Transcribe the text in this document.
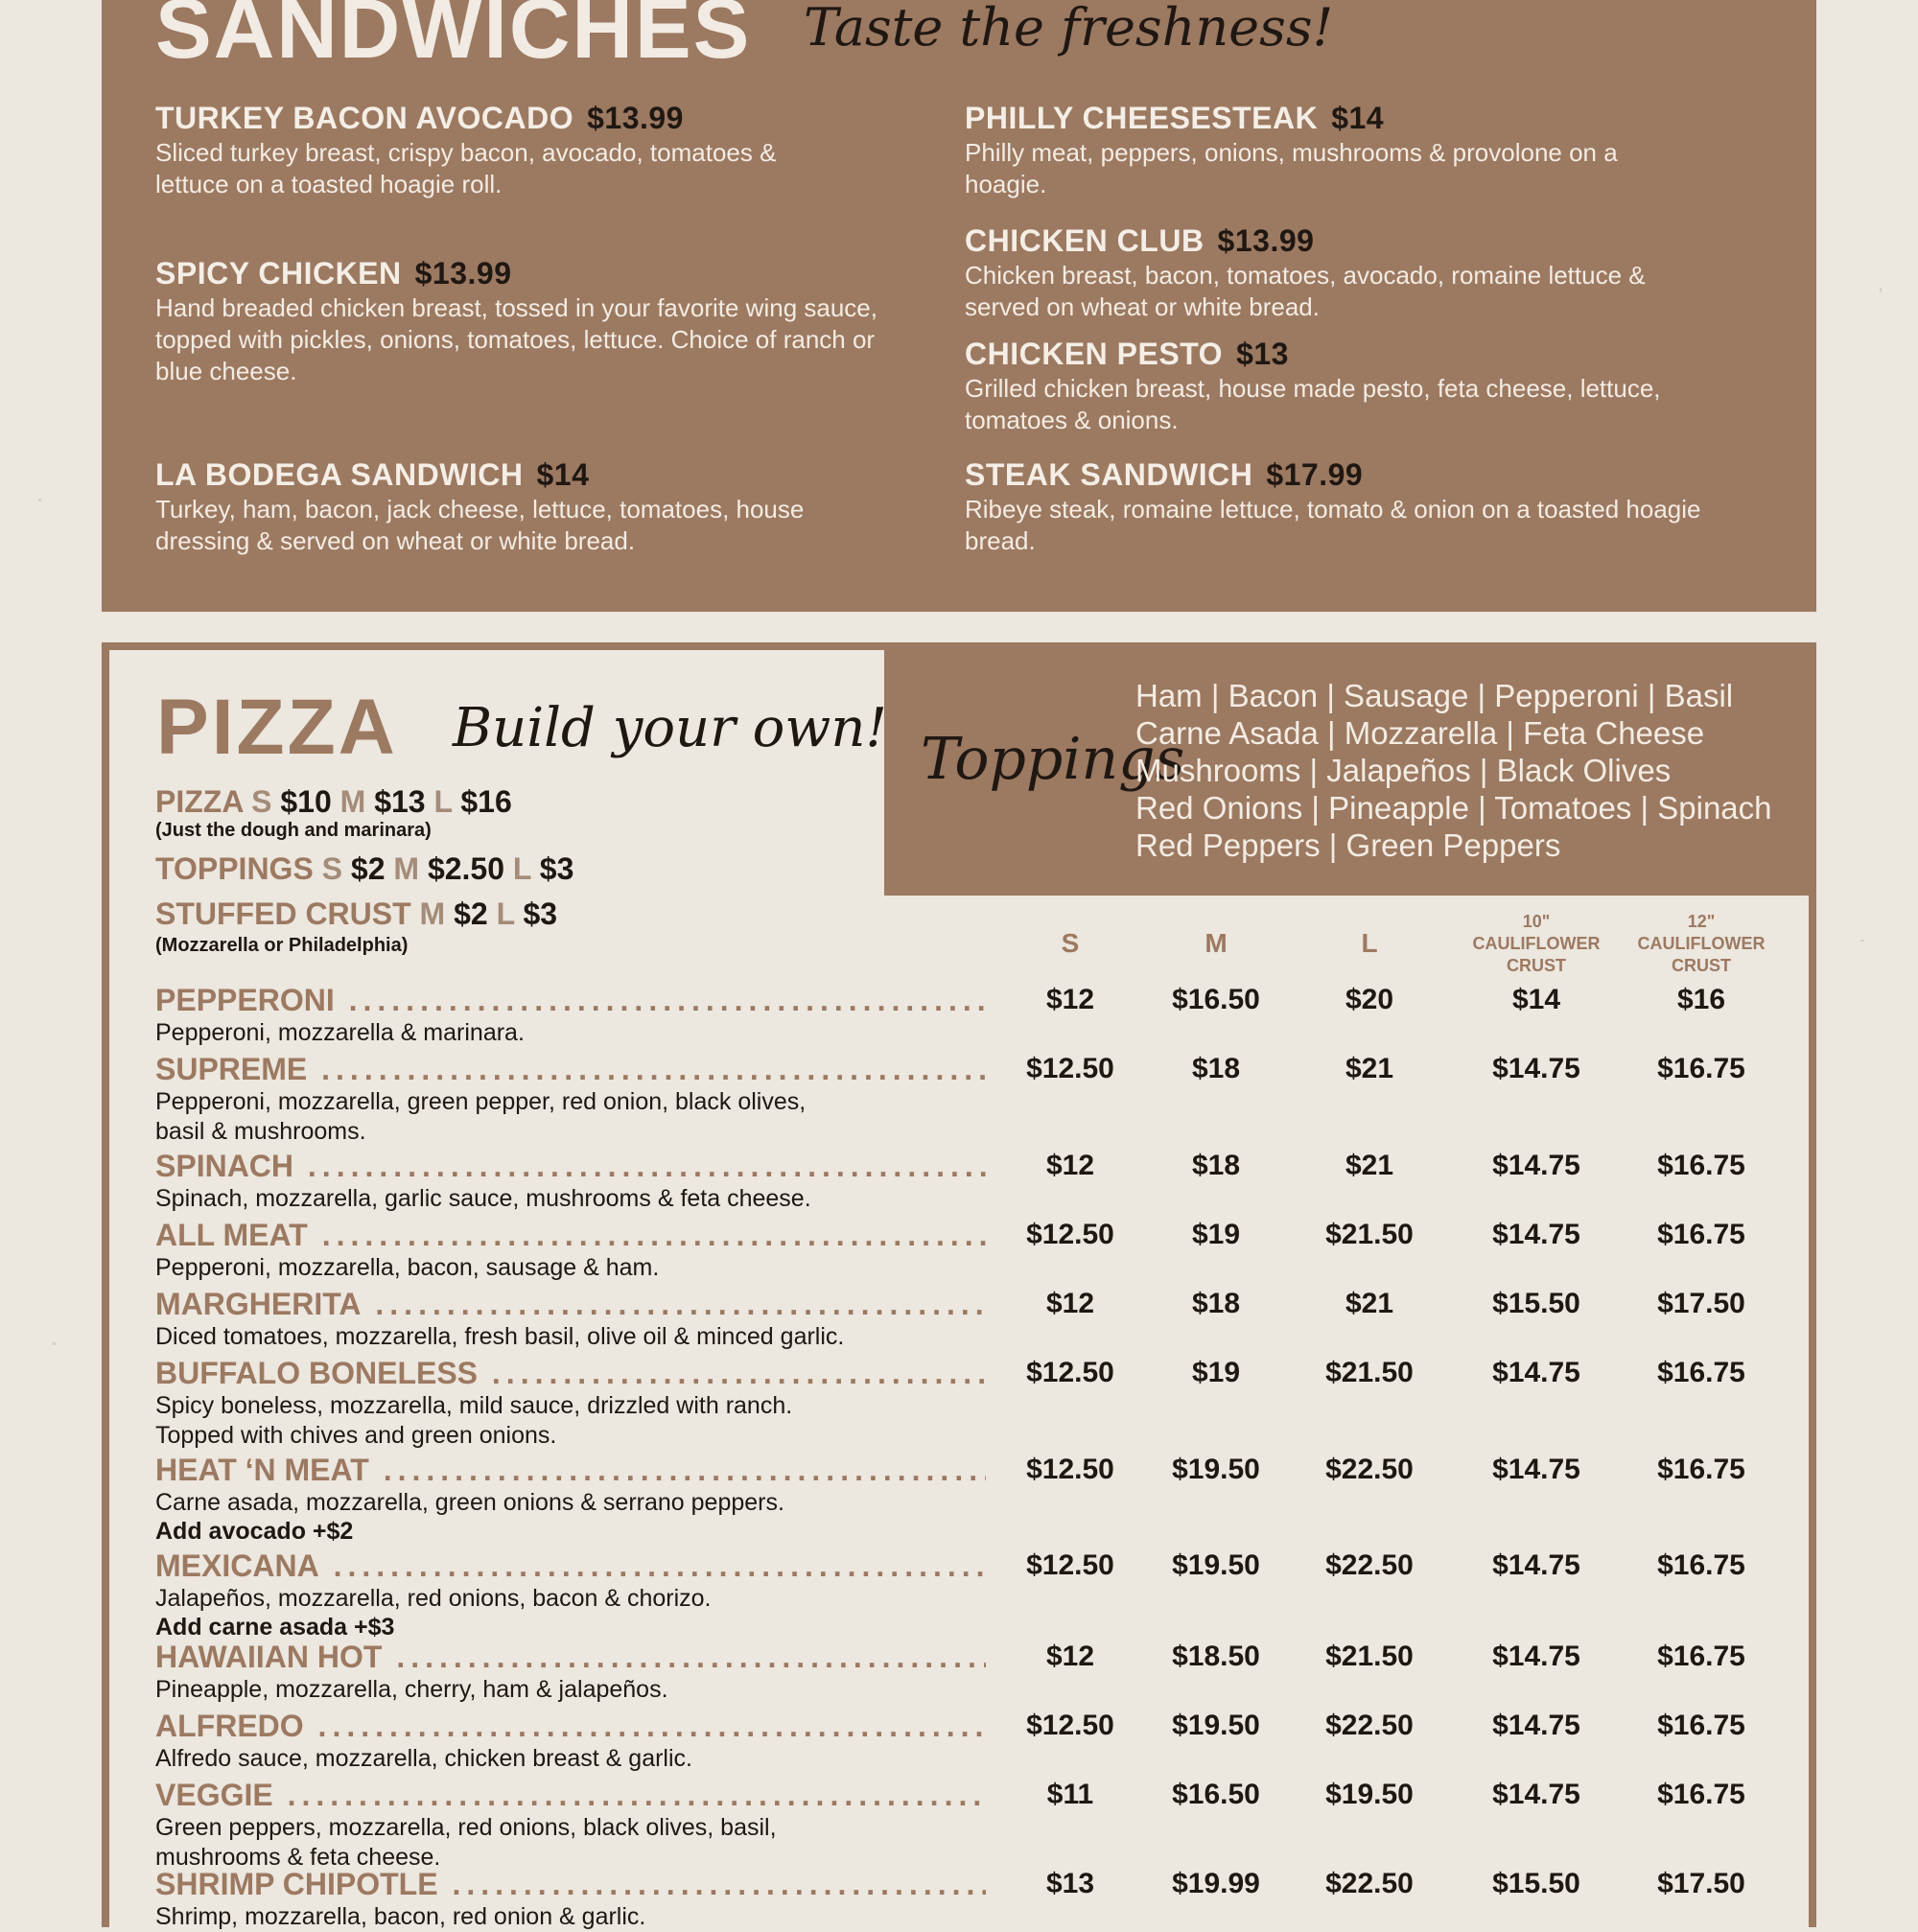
SANDWICHES Taste the freshness!
TURKEY BACON AVOCADO $13.99
Sliced turkey breast, crispy bacon, avocado, tomatoes & lettuce on a toasted hoagie roll.
SPICY CHICKEN $13.99
Hand breaded chicken breast, tossed in your favorite wing sauce, topped with pickles, onions, tomatoes, lettuce. Choice of ranch or blue cheese.
LA BODEGA SANDWICH $14
Turkey, ham, bacon, jack cheese, lettuce, tomatoes, house dressing & served on wheat or white bread.
PHILLY CHEESESTEAK $14
Philly meat, peppers, onions, mushrooms & provolone on a hoagie.
CHICKEN CLUB $13.99
Chicken breast, bacon, tomatoes, avocado, romaine lettuce & served on wheat or white bread.
CHICKEN PESTO $13
Grilled chicken breast, house made pesto, feta cheese, lettuce, tomatoes & onions.
STEAK SANDWICH $17.99
Ribeye steak, romaine lettuce, tomato & onion on a toasted hoagie bread.
Toppings
Ham | Bacon | Sausage | Pepperoni | Basil
Carne Asada | Mozzarella | Feta Cheese
Mushrooms | Jalapeños | Black Olives
Red Onions | Pineapple | Tomatoes | Spinach
Red Peppers | Green Peppers
PIZZA Build your own!
PIZZA S $10 M $13 L $16
(Just the dough and marinara)
TOPPINGS S $2 M $2.50 L $3
STUFFED CRUST M $2 L $3
(Mozzarella or Philadelphia)	S	M	L
10"
CAULIFLOWER
CRUST
12"
CAULIFLOWER
CRUST
PEPPERONI .....
Pepperoni, mozzarella & marinara.
$12	$16.50	$20	$14	$16
SUPREME .....
Pepperoni, mozzarella, green pepper, red onion, black olives, basil & mushrooms.
$12.50	$18	$21	$14.75	$16.75
SPINACH .....
Spinach, mozzarella, garlic sauce, mushrooms & feta cheese.
$12	$18	$21	$14.75	$16.75
ALL MEAT .....
Pepperoni, mozzarella, bacon, sausage & ham.
$12.50	$19	$21.50	$14.75	$16.75
MARGHERITA .....
Diced tomatoes, mozzarella, fresh basil, olive oil & minced garlic.
$12	$18	$21	$15.50	$17.50
BUFFALO BONELESS .....
Spicy boneless, mozzarella, mild sauce, drizzled with ranch. Topped with chives and green onions.
$12.50	$19	$21.50	$14.75	$16.75
HEAT ‘N MEAT .....
Carne asada, mozzarella, green onions & serrano peppers.
Add avocado +$2
$12.50	$19.50	$22.50	$14.75	$16.75
MEXICANA .....
Jalapeños, mozzarella, red onions, bacon & chorizo.
Add carne asada +$3
$12.50	$19.50	$22.50	$14.75	$16.75
HAWAIIAN HOT .....
Pineapple, mozzarella, cherry, ham & jalapeños.
$12	$18.50	$21.50	$14.75	$16.75
ALFREDO .....
Alfredo sauce, mozzarella, chicken breast & garlic.
$12.50	$19.50	$22.50	$14.75	$16.75
VEGGIE .....
Green peppers, mozzarella, red onions, black olives, basil, mushrooms & feta cheese.
$11	$16.50	$19.50	$14.75	$16.75
SHRIMP CHIPOTLE .....
Shrimp, mozzarella, bacon, red onion & garlic.
$13	$19.99	$22.50	$15.50	$17.50
